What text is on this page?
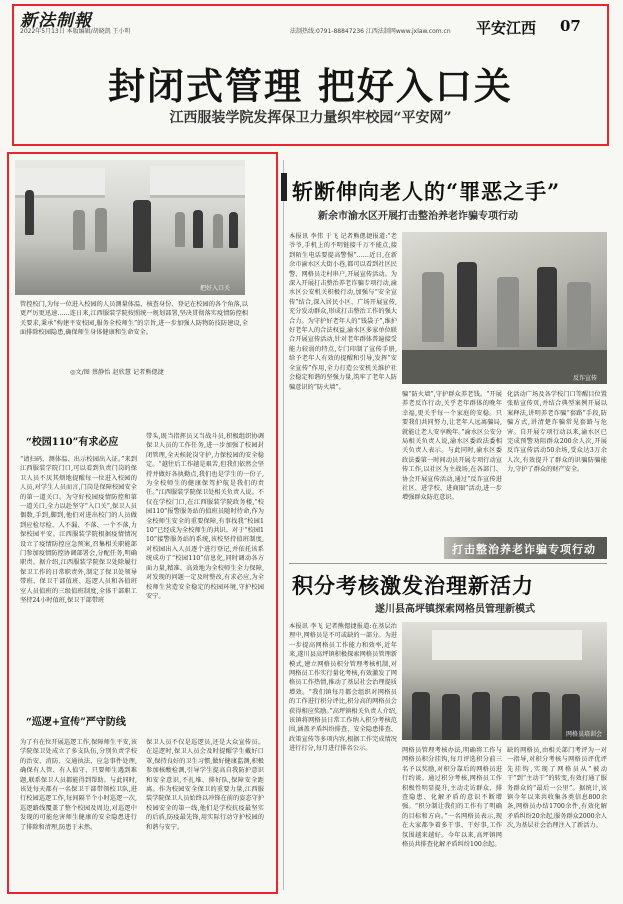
新法制報
2022年5月13日 本版编辑/胡晓凯 王小明	法制热线:0791-88847236 江西法制网www.jxlaw.com.cn 平安江西 07
封闭式管理 把好入口关
江西服装学院发挥保卫力量织牢校园“平安网”
把好入口关
管控校门,为每一位进入校园的人员测量体温、核查身份、登记在校园的各个角落,以更严厉更迅速……连日来,江西服装学院按照统一规划部署,坚决贯彻落实疫情防控相关要求,秉承“构建平安校园,服务全校师生”的宗旨,进一步加强人防物防技防建设,全面排除校园隐患,确保师生身体健康和生命安全。
◎文/图 蔡静怡 赵欣慧 记者熊偲捷
“校园110”有求必应
“请扫码、测体温、出示校园出入证。”来到江西服装学院门口,可以看到负责门岗的保卫人员不厌其烦地提醒每一位进入校园的人员,对学生人员而言,门岗是保障校园安全的第一道关口。为守好校园疫情防控和第一道关口,全力以赴坚守“入口关”,保卫人员偶数,手到,脚到,他们对进出校门的人员做到应检尽检、人不漏、不落、一个不落,力保校园平安。江西服装学院根据疫情情况设立了疫情防控应急预案,召集相关职能部门参加疫情防控协调部署会,分配任务,明确职责。据介绍,江西服装学院保卫处除履行保卫工作的日常职责外,制定了保卫处领导带班、保卫干部值班、巡逻人员和各值班室人员值班的三级值班制度,全体干部职工坚持24小时值班,保卫干部带班
带头,既当指挥员又当战斗员,积极组织协调保卫人员的工作任务,进一步加强了校园封闭管理,全天候轮岗守护,力保校园的安全稳定。“越往后工作越是艰苦,但我们依然会坚持并做好各执勤点,我们也是学生的一份子,为全校师生的健康保驾护航是我们的责任。”江西服装学院保卫处相关负责人说。不仅在学校门口,在江西服装学院政务楼,“校园110”报警服务站的值班员随时待命,作为全校师生安全的重要保障,有事找我“校园110”已经成为全校师生的共识。对于“校园110”接警服务站的系统,该校坚持值班制度,对校园出入人员逐个进行登记,并依托该系统成功了“校园110”信息化,同时调动各方面力量,精准、高效地为全校师生全力保障,对发现的问题一定及时整改,有求必应,为全校师生营造安全稳定的校园环境,守护校园安宁。
“巡逻+宣传”严守防线
为了有在位开展巡逻工作,保障师生平安,该学院保卫处成立了多支队伍,分别负责学校的治安、消防、交通执法、应急事件处理,确保有人管、有人值守、只要师生遇到难题,联系保卫人员都能得到帮助。与此同时,该处每天都有一名保卫干部带领校卫队,进行校园巡逻工作,每间隔半个小时巡逻一次,巡逻路线覆盖了整个校园及周边,对巡逻中发现的可能危害师生健康的安全隐患进行了排除和清理,防患于未然。
保卫人员不仅是巡逻员,还是大众宣传员。在巡逻时,保卫人员会及时提醒学生戴好口罩,保持良好的卫生习惯,做好健康监测,积极参加核酸检测,引导学生提高自我防护意识和安全意识,不扎堆、排好队,保障安全距离。作为校园安全保卫的重要力量,江西服装学院保卫人员始终以冲锋在前的姿态守护校园安全的第一线,他们是学校抗疫最坚实的后盾,防疫最先锋,用实际行动守护校园的和谐与安宁。
斩断伸向老人的“罪恶之手”
新余市渝水区开展打击整治养老诈骗专项行动
本报讯 李伟 于飞 记者熊偲捷报道:“老爷爷,手机上的不明链接千万不能点,接到陌生电话要提高警惕”……近日,在新余市渝水区大街小巷,都可以看到社区民警、网格员走村串户,开展宣传活动。为深入开展打击整治养老诈骗专项行动,渝水区公安机关积极行动,加强与“安全宣传”结合,深入居民小区、广场开展宣传,充分发动群众,形成打击整治工作的强大合力。为守护好老年人的“钱袋子”,维护好老年人的合法权益,渝水区多家单位联合开展宣传活动,针对老年群体普遍接受能力较弱的特点,专门印制了宣传手册,给予老年人有效的提醒和引导,发挥“安全宣传”作用,全力打造公安机关维护社会稳定和谐的坚强力量,筑牢了老年人防骗意识的“防火墙”。
反诈宣传
骗“防火墙”,守护群众养老钱。“开展养老反诈行动,关乎老年群体的晚年幸福,更关乎每一个家庭的安稳。只要我们共同努力,让老年人远离骗局,就能让老人安享晚年。”渝水区公安分局相关负责人说,渝水区委政法委相关负责人表示。与此同时,渝水区委政法委第一时间动员开展专项行动宣传工作,以社区为主战场,在各部门、协会开展宣传活动,通过“反诈宣传进社区、进学校、进商圈”活动,进一步增强群众防范意识。
化活动广场及各学校门口等醒目位置张贴宣传页,并结合典型案例开展以案释法,讲明养老诈骗“套路”手段,防骗方式,讲清楚诈骗常见套路与危害。自开展专项行动以来,渝水区已完成预警劝阻群众200余人次,开展反诈宣传活动50余场,受众达3万余人次,有效提升了群众的识骗防骗能力,守护了群众的财产安全。
打击整治养老诈骗专项行动
积分考核激发治理新活力
遂川县高坪镇探索网格员管理新模式
本报讯 李飞 记者熊偲捷报道:在基层治理中,网格员是不可或缺的一部分。为进一步提高网格员工作能力和效率,近年来,遂川县高坪镇积极探索网格员管理新模式,建立网格员积分管理考核机制,对网格员工作实行量化考核,有效激发了网格员工作热情,推动了基层社会治理提质增效。“我们镇每月都会组织对网格员的工作进行积分评比,积分高的网格员会获得相应奖励。”高坪镇相关负责人介绍,该镇将网格员日常工作纳入积分考核范围,涵盖矛盾纠纷排查、安全隐患排查、政策宣传等多项内容,根据工作完成情况进行打分,每月进行排名公示。
网格员培训会
网格员管理考核办法,明确将工作与网格员积分挂钩,每月评选积分前三名予以奖励,对积分靠后的网格员进行约谈。通过积分考核,网格员工作积极性明显提升,主动走访群众、排查隐患、化解矛盾的意识不断增强。“积分制让我们的工作有了明确的目标和方向。”一名网格员表示,现在大家都争着多干事、干好事,工作氛围越来越好。今年以来,高坪镇网格员共排查化解矛盾纠纷100余起。
缺的网格员,由相关部门考评为一对一指导,对积分考核与网格员评优评先挂钩,实现了网格员从“被动干”到“主动干”的转变,有效打通了服务群众的“最后一公里”。据统计,该镇今年以来共收集各类信息800余条,网格员办结1700余件,有效化解矛盾纠纷20余起,服务群众2000余人次,为基层社会治理注入了新活力。
